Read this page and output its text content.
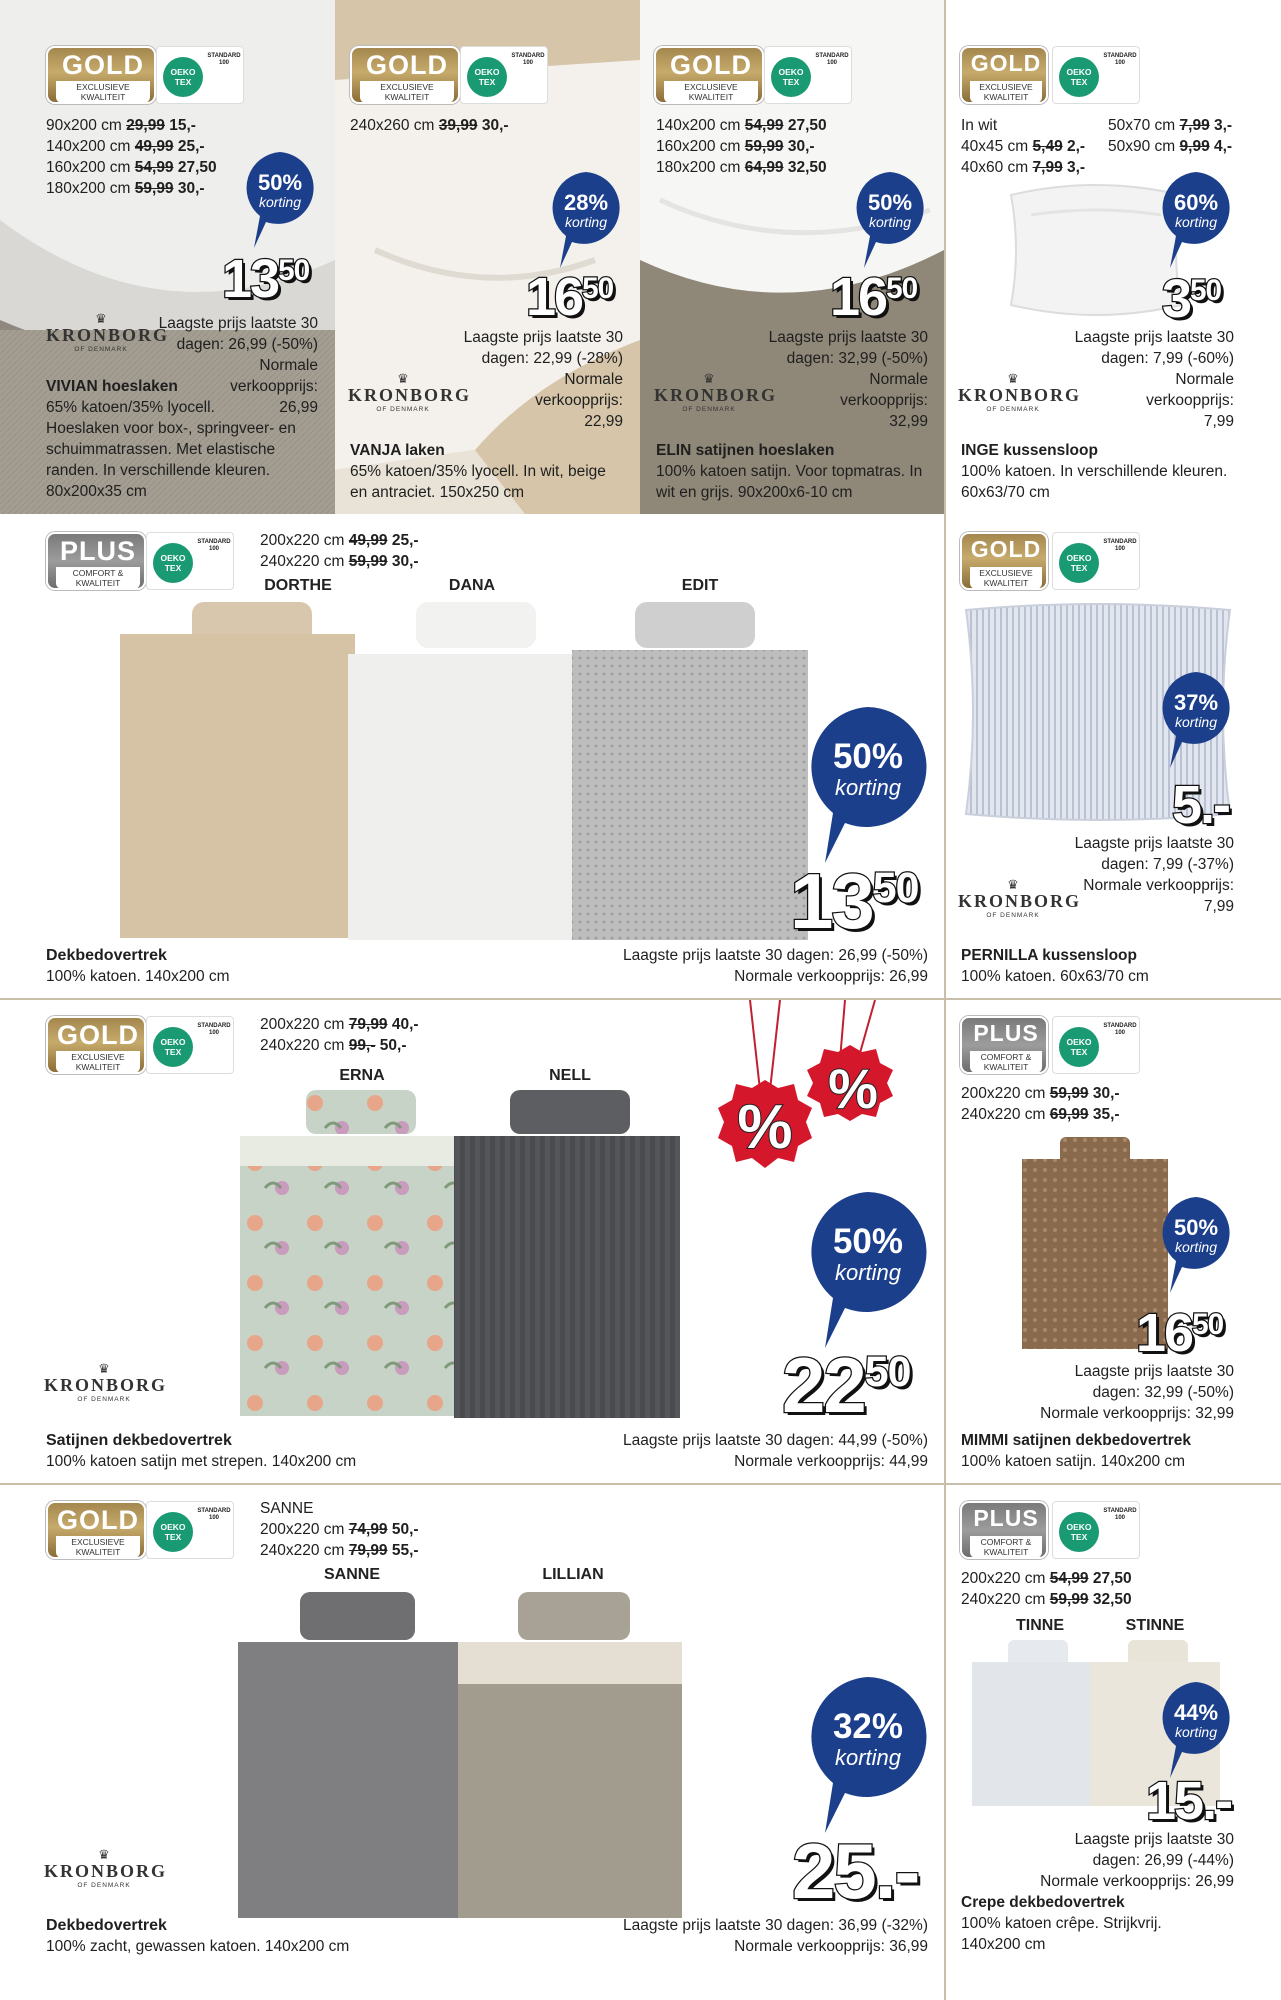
GOLD
EXCLUSIEVE KWALITEIT
OEKO TEX
STANDARD 100	GOLD
EXCLUSIEVE KWALITEIT
OEKO TEX
STANDARD 100	GOLD
EXCLUSIEVE KWALITEIT
OEKO TEX
STANDARD 100	GOLD
EXCLUSIEVE KWALITEIT
OEKO TEX
STANDARD 100
90x200 cm 29,99 15,-
140x200 cm 49,99 25,-
160x200 cm 54,99 27,50
180x200 cm 59,99 30,-	50%
korting
$13^{50}$
♛
KRONBORG
OF DENMARK
Laagste prijs laatste 30 dagen: 26,99 (-50%)
Normale verkoopprijs: 26,99
VIVIAN hoeslaken
65% katoen/35% lyocell.
Hoeslaken voor box-, springveer- en schuimmatrassen. Met elastische randen. In verschillende kleuren. 80x200x35 cm
240x260 cm 39,99 30,-
28%
korting
$16^{50}$
Laagste prijs laatste 30 dagen: 22,99 (-28%)
Normale verkoopprijs: 22,99
♛
KRONBORG
OF DENMARK
VANJA laken
65% katoen/35% lyocell. In wit, beige en antraciet. 150x250 cm
140x200 cm 54,99 27,50
160x200 cm 59,99 30,-
180x200 cm 64,99 32,50
50%
korting
$16^{50}$
Laagste prijs laatste 30 dagen: 32,99 (-50%)
Normale verkoopprijs: 32,99
♛
KRONBORG
OF DENMARK
ELIN satijnen hoeslaken
100% katoen satijn. Voor topmatras. In wit en grijs. 90x200x6-10 cm
In wit
40x45 cm 5,49 2,-
40x60 cm 7,99 3,-
50x70 cm 7,99 3,-
50x90 cm 9,99 4,-
60%
korting
$3^{50}$
Laagste prijs laatste 30 dagen: 7,99 (-60%)
Normale verkoopprijs: 7,99
♛
KRONBORG
OF DENMARK
INGE kussensloop
100% katoen. In verschillende kleuren. 60x63/70 cm
PLUS
COMFORT & KWALITEIT
OEKO TEX
STANDARD 100	200x220 cm 49,99 25,-
240x220 cm 59,99 30,-
DORTHE	DANA	EDIT
50%
korting
$13^{50}$
Dekbedovertrek
100% katoen. 140x200 cm
Laagste prijs laatste 30 dagen: 26,99 (-50%)
Normale verkoopprijs: 26,99
GOLD
EXCLUSIEVE KWALITEIT
OEKO TEX
STANDARD 100
37%
korting
5.-
Laagste prijs laatste 30 dagen: 7,99 (-37%)
Normale verkoopprijs: 7,99
♛
KRONBORG
OF DENMARK
PERNILLA kussensloop
100% katoen. 60x63/70 cm
GOLD
EXCLUSIEVE KWALITEIT
OEKO TEX
STANDARD 100	200x220 cm 79,99 40,-
240x220 cm 99,- 50,-
ERNA	NELL
%
%
50%
korting
$22^{50}$
♛
KRONBORG
OF DENMARK
Satijnen dekbedovertrek
100% katoen satijn met strepen. 140x200 cm
Laagste prijs laatste 30 dagen: 44,99 (-50%)
Normale verkoopprijs: 44,99
PLUS
COMFORT & KWALITEIT
OEKO TEX
STANDARD 100
200x220 cm 59,99 30,-
240x220 cm 69,99 35,-
50%
korting
$16^{50}$
Laagste prijs laatste 30 dagen: 32,99 (-50%)
Normale verkoopprijs: 32,99
MIMMI satijnen dekbedovertrek
100% katoen satijn. 140x200 cm
GOLD
EXCLUSIEVE KWALITEIT
OEKO TEX
STANDARD 100
SANNE
200x220 cm 74,99 50,-
240x220 cm 79,99 55,-
SANNE	LILLIAN
32%
korting
25.-
♛
KRONBORG
OF DENMARK
Dekbedovertrek
100% zacht, gewassen katoen. 140x200 cm
Laagste prijs laatste 30 dagen: 36,99 (-32%)
Normale verkoopprijs: 36,99
PLUS
COMFORT & KWALITEIT
OEKO TEX
STANDARD 100
200x220 cm 54,99 27,50
240x220 cm 59,99 32,50
TINNE	STINNE
44%
korting
15.-
Laagste prijs laatste 30 dagen: 26,99 (-44%)
Normale verkoopprijs: 26,99
Crepe dekbedovertrek
100% katoen crêpe. Strijkvrij. 140x200 cm
